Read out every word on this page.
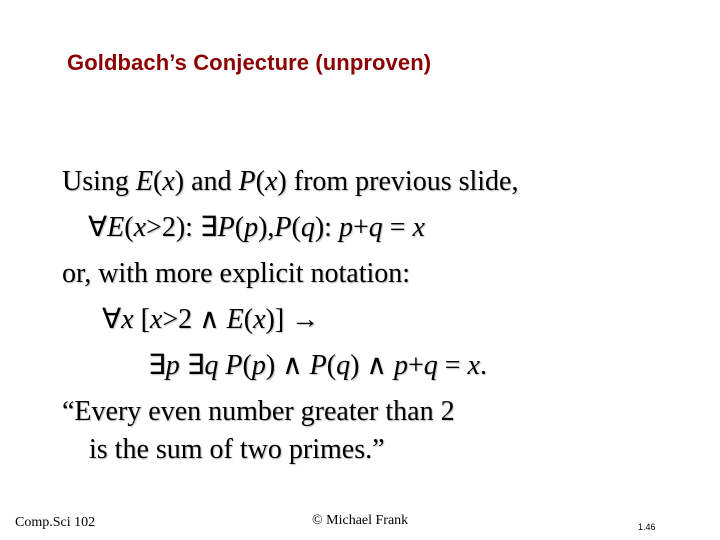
Goldbach’s Conjecture (unproven)
Using E(x) and P(x) from previous slide,
∀E(x>2): ∃P(p),P(q): p+q = x
or, with more explicit notation:
∀x [x>2 ∧ E(x)] →
∃p ∃q P(p) ∧ P(q) ∧ p+q = x.
“Every even number greater than 2
is the sum of two primes.”
Comp.Sci 102	© Michael Frank	1.46
